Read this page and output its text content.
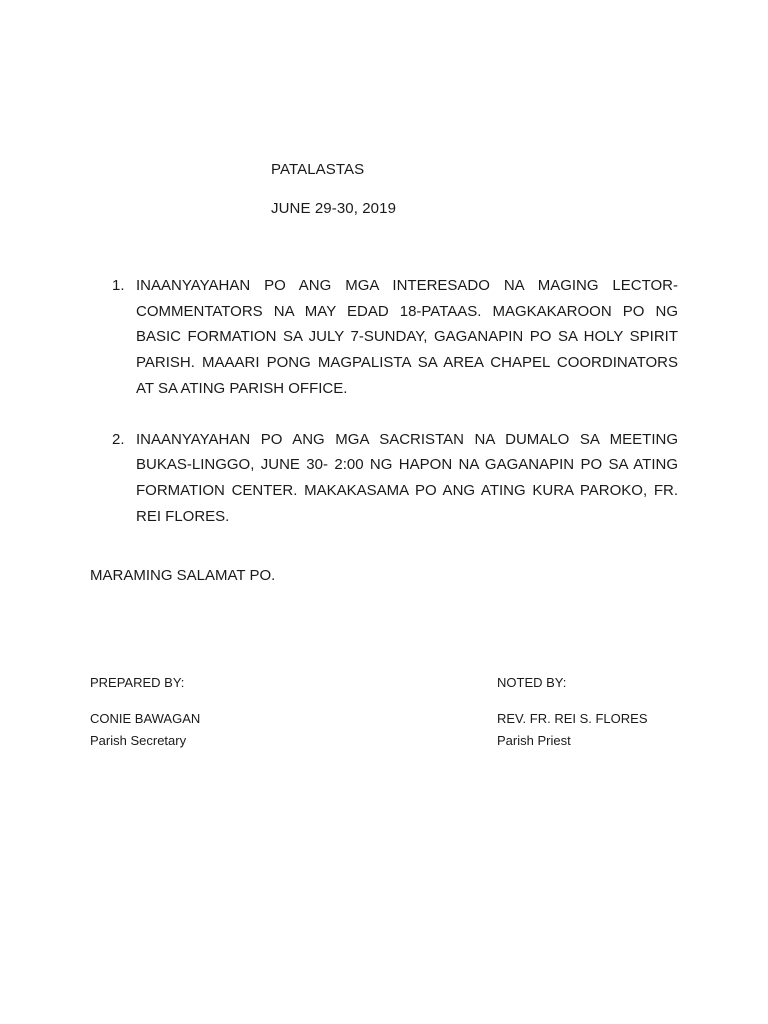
PATALASTAS
JUNE 29-30, 2019
1. INAANYAYAHAN PO ANG MGA INTERESADO NA MAGING LECTOR-COMMENTATORS NA MAY EDAD 18-PATAAS. MAGKAKAROON PO NG BASIC FORMATION SA JULY 7-SUNDAY, GAGANAPIN PO SA HOLY SPIRIT PARISH. MAAARI PONG MAGPALISTA SA AREA CHAPEL COORDINATORS AT SA ATING PARISH OFFICE.
2. INAANYAYAHAN PO ANG MGA SACRISTAN NA DUMALO SA MEETING BUKAS-LINGGO, JUNE 30- 2:00 NG HAPON NA GAGANAPIN PO SA ATING FORMATION CENTER. MAKAKASAMA PO ANG ATING KURA PAROKO, FR. REI FLORES.
MARAMING SALAMAT PO.
PREPARED BY:
CONIE BAWAGAN
Parish Secretary
NOTED BY:
REV. FR. REI S. FLORES
Parish Priest
